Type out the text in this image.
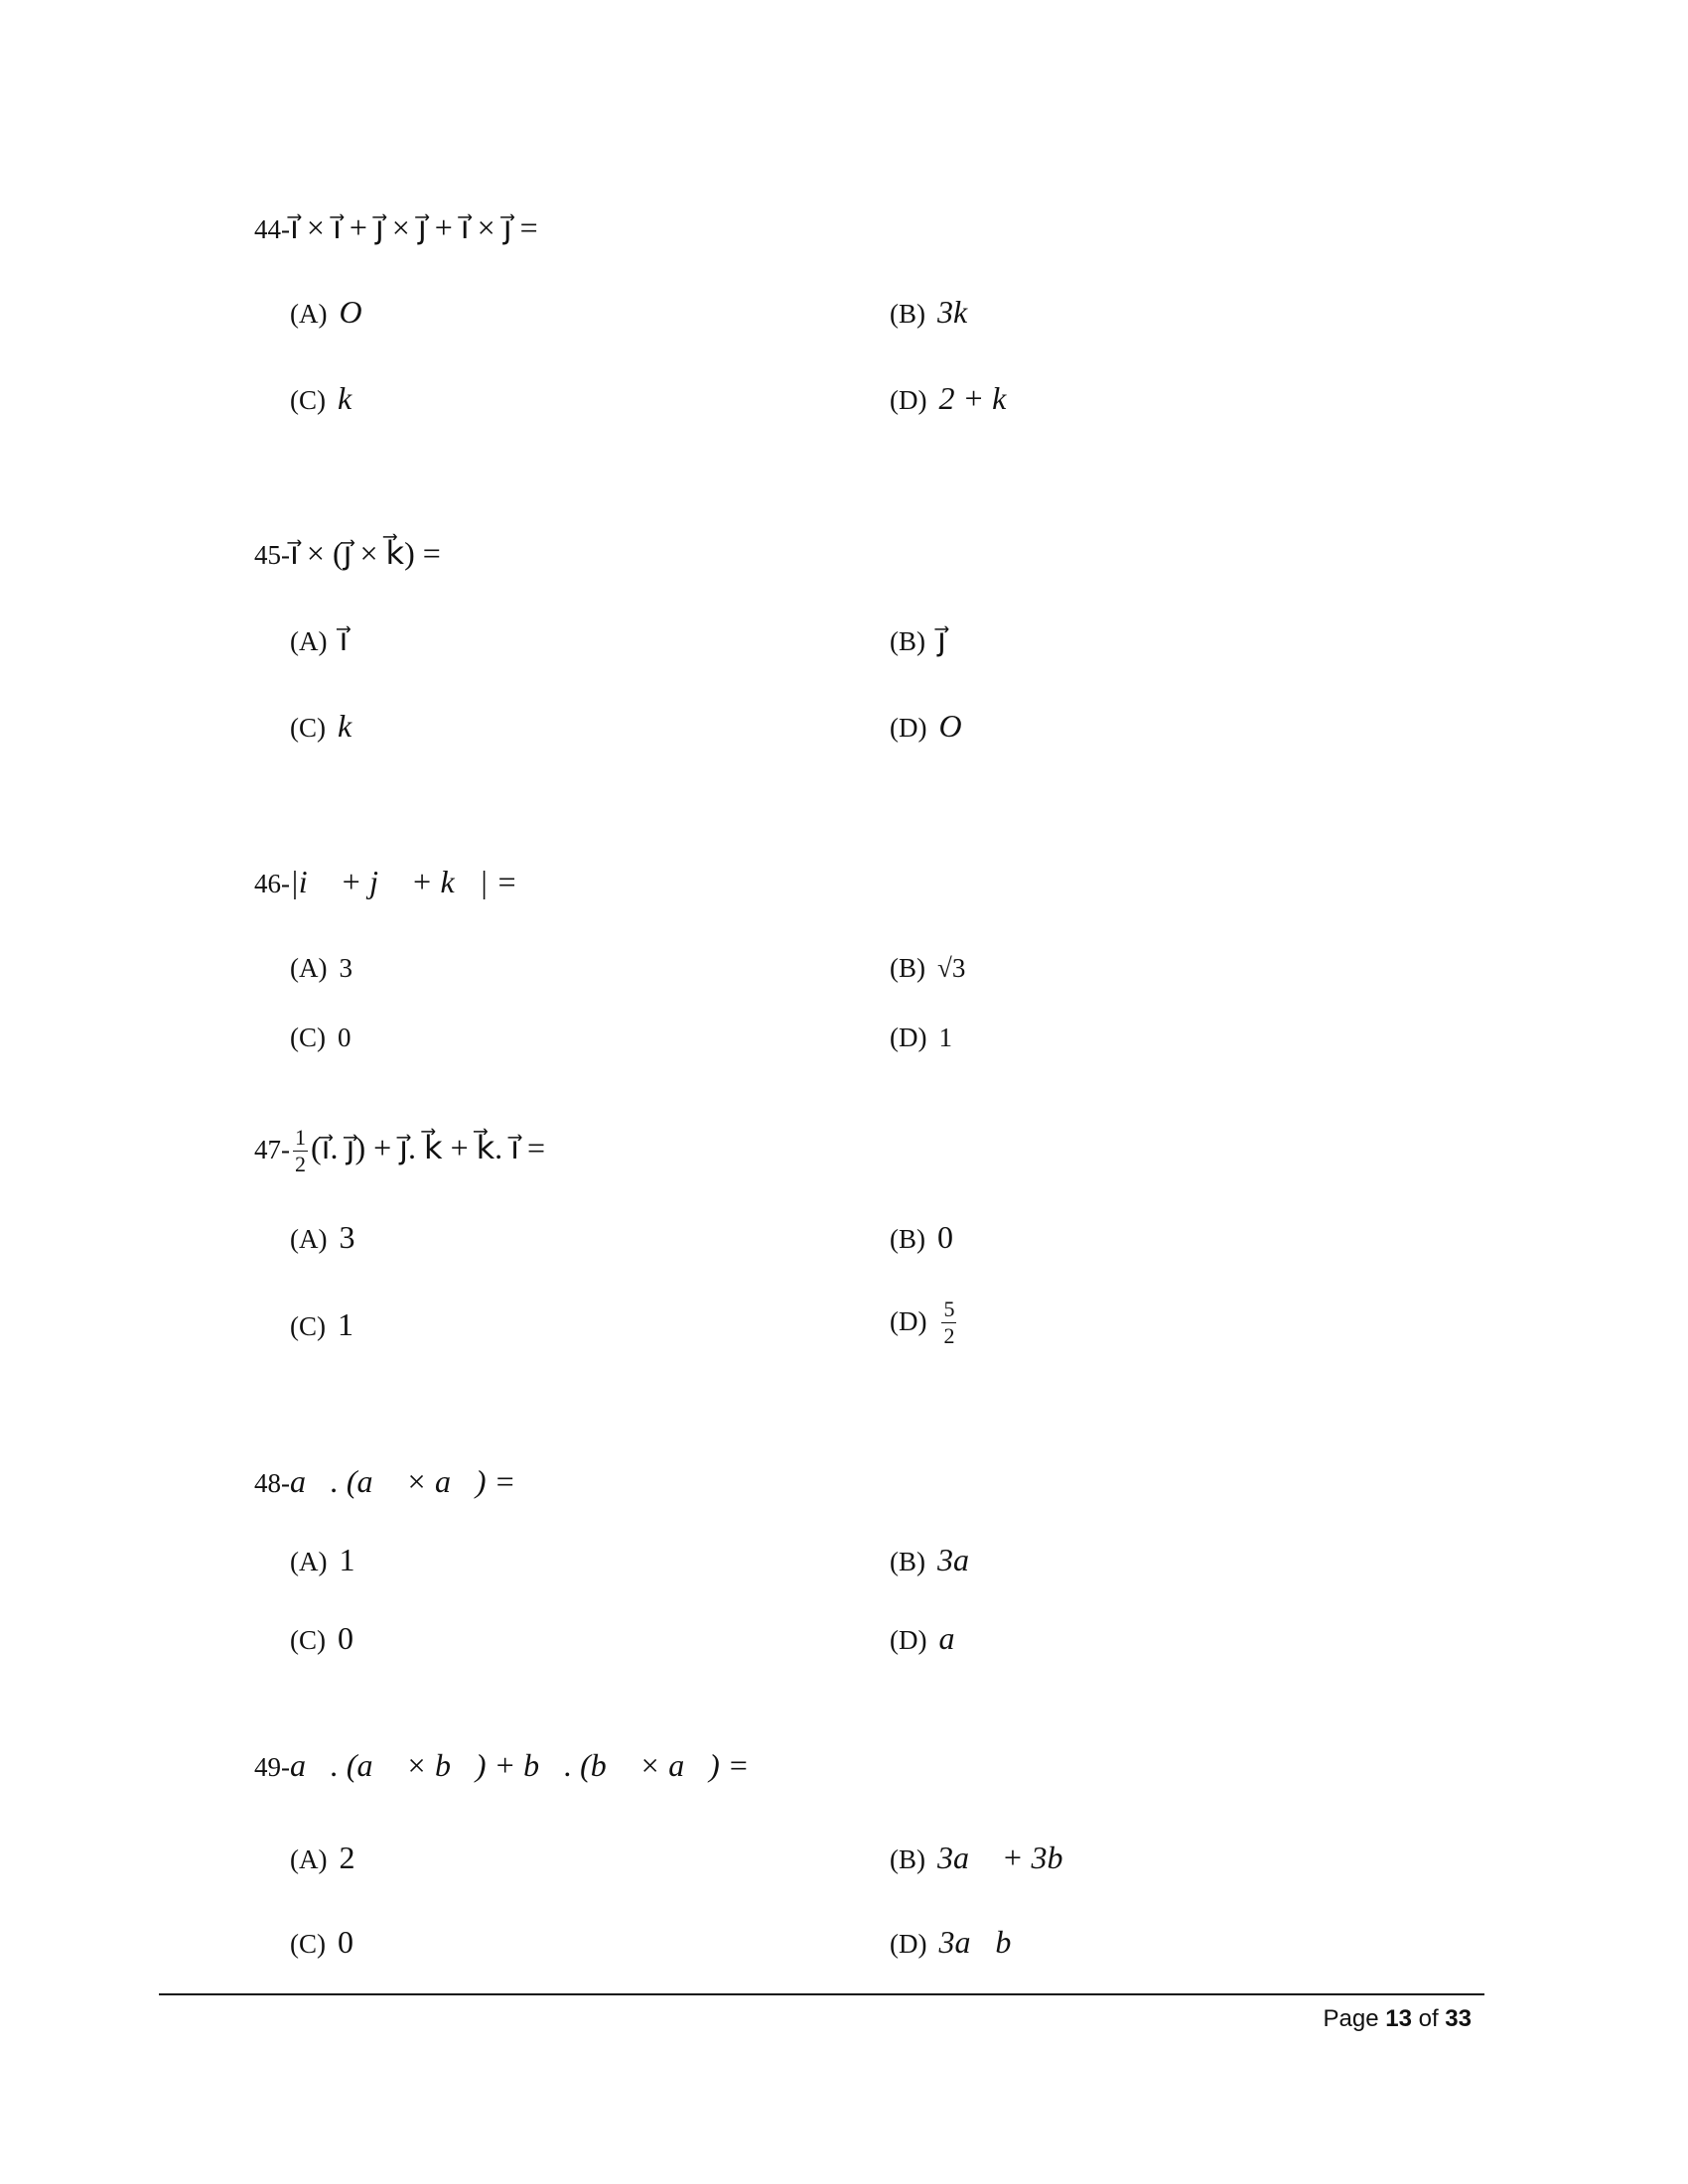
44-i⃗ × i⃗ + j⃗ × j⃗ + i⃗ × j⃗ =
(A) O⃗	(B) 3k⃗
(C) k⃗	(D) 2 + k⃗
45-i⃗ × (j⃗ × k⃗) =
(A) i⃗	(B) j⃗
(C) k⃗	(D) O⃗
46-|i⃗ + j⃗ + k⃗| =
(A) 3	(B) √3
(C) 0	(D) 1
$47- \frac{1}{2}$ (i⃗. j⃗) + j⃗. k⃗ + k⃗. i⃗ =
(A) 3	(B) 0
(C) 1	$(D) \frac{5}{2}$
48-a⃗. (a⃗ × a⃗) =
(A) 1	(B) 3a⃗
(C) 0	(D) a⃗
49-a⃗. (a⃗ × b⃗) + b⃗. (b⃗ × a⃗) =
(A) 2	(B) 3a⃗ + 3b⃗
(C) 0	(D) 3a⃗b⃗
Page 13 of 33
